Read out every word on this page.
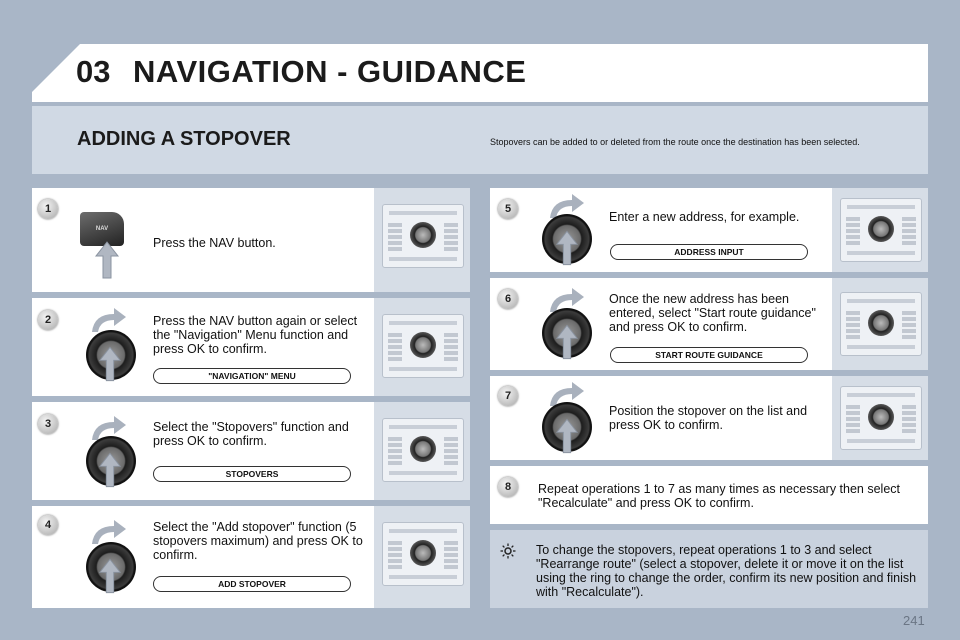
03 NAVIGATION - GUIDANCE
ADDING A STOPOVER	Stopovers can be added to or deleted from the route once the destination has been selected.
1
2
3
4
5
6
7
8
NAV
Press the NAV button.
Press the NAV button again or select the "Navigation" Menu function and press OK to confirm.
"NAVIGATION" MENU
Select the "Stopovers" function and press OK to confirm.
STOPOVERS
Select the "Add stopover" function (5 stopovers maximum) and press OK to confirm.
ADD STOPOVER
Enter a new address, for example.
ADDRESS INPUT
Once the new address has been entered, select "Start route guidance" and press OK to confirm.
START ROUTE GUIDANCE
Position the stopover on the list and press OK to confirm.
Repeat operations 1 to 7 as many times as necessary then select "Recalculate" and press OK to confirm.
To change the stopovers, repeat operations 1 to 3 and select "Rearrange route" (select a stopover, delete it or move it on the list using the ring to change the order, confirm its new position and finish with "Recalculate").
241
